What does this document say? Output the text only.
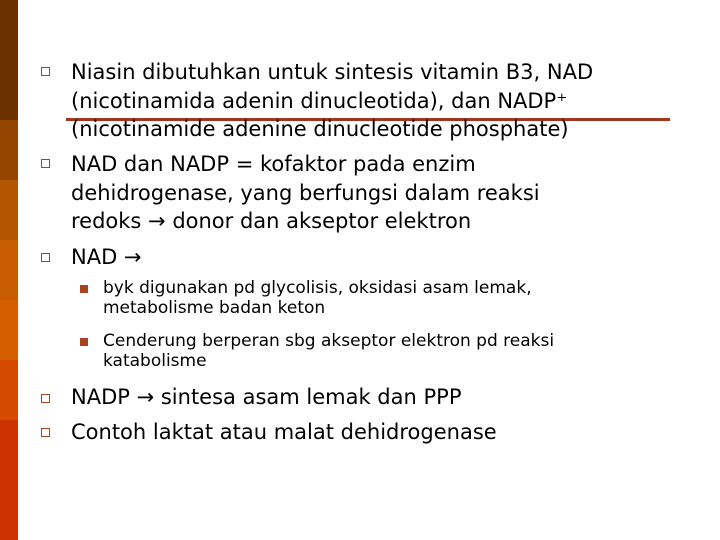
Niasin dibutuhkan untuk sintesis vitamin B3, NAD
(nicotinamida adenin dinucleotida), dan NADP⁺
(nicotinamide adenine dinucleotide phosphate)
NAD dan NADP = kofaktor pada enzim
dehidrogenase, yang berfungsi dalam reaksi
redoks → donor dan akseptor elektron
NAD →
byk digunakan pd glycolisis, oksidasi asam lemak,
metabolisme badan keton
Cenderung berperan sbg akseptor elektron pd reaksi
katabolisme
NADP → sintesa asam lemak dan PPP
Contoh laktat atau malat dehidrogenase
